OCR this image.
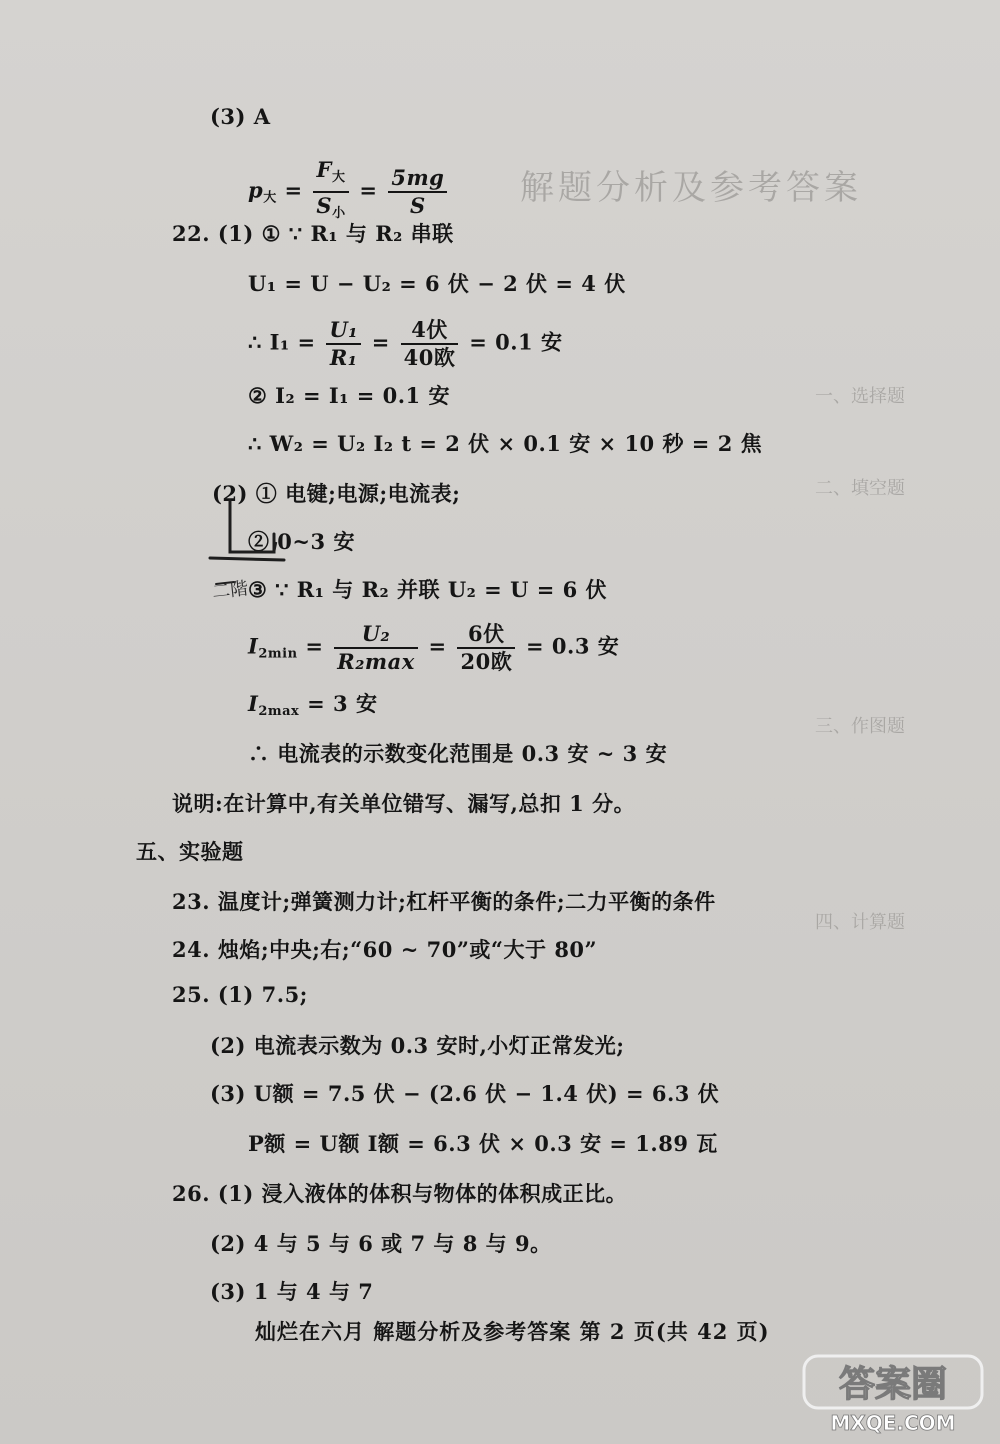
解题分析及参考答案
一、选择题
二、填空题
三、作图题
四、计算题
(3) A
$p_大 = \frac{F_大}{S_小} = \frac{5mg}{S}$
22. (1) ① ∵ R₁ 与 R₂ 串联
U₁ = U − U₂ = 6 伏 − 2 伏 = 4 伏
∴ $I_1 = \frac{\text{U₁}}{\text{R₁}} = \frac{\text{4伏}}{\text{40欧}} = 0.1$ 安
② I₂ = I₁ = 0.1 安
∴ W₂ = U₂ I₂ t = 2 伏 × 0.1 安 × 10 秒 = 2 焦
(2) ① 电键;电源;电流表;
② 0~3 安
③ ∵ R₁ 与 R₂ 并联 U₂ = U = 6 伏
$I_{2min} = \frac{\text{U₂}}{\text{R₂max}} = \frac{\text{6伏}}{\text{20欧}} = 0.3$ 安
$I_{2max} = 3$ 安
∴ 电流表的示数变化范围是 0.3 安 ~ 3 安
说明:在计算中,有关单位错写、漏写,总扣 1 分。
五、实验题
23. 温度计;弹簧测力计;杠杆平衡的条件;二力平衡的条件
24. 烛焰;中央;右;“60 ~ 70”或“大于 80”
25. (1) 7.5;
(2) 电流表示数为 0.3 安时,小灯正常发光;
(3) U额 = 7.5 伏 − (2.6 伏 − 1.4 伏) = 6.3 伏
P额 = U额 I额 = 6.3 伏 × 0.3 安 = 1.89 瓦
26. (1) 浸入液体的体积与物体的体积成正比。
(2) 4 与 5 与 6 或 7 与 8 与 9。
(3) 1 与 4 与 7
灿烂在六月 解题分析及参考答案 第 2 页(共 42 页)
二階
答案圈
MXQE.COM
